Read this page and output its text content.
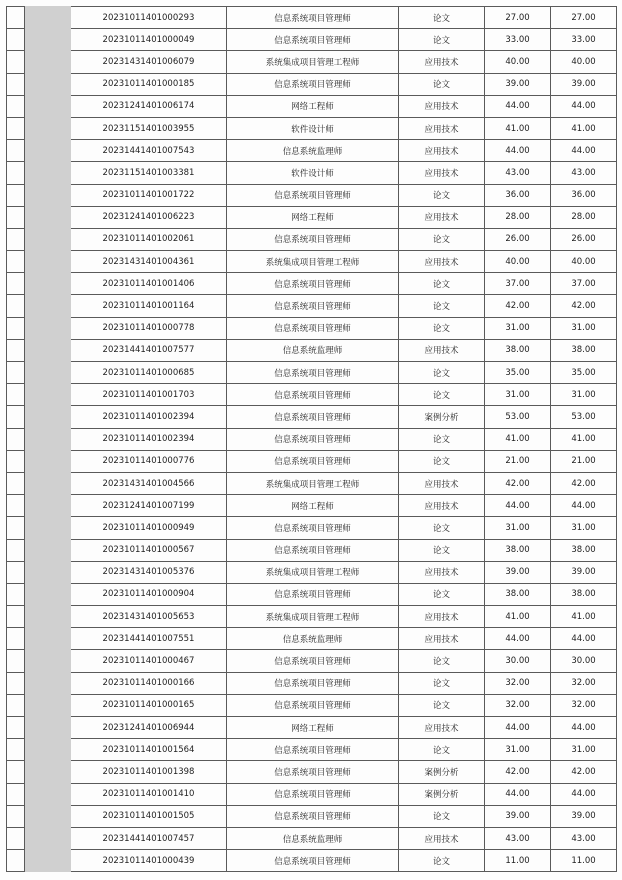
		20231011401000293	信息系统项目管理师	论文	27.00	27.00
		20231011401000049	信息系统项目管理师	论文	33.00	33.00
		20231431401006079	系统集成项目管理工程师	应用技术	40.00	40.00
		20231011401000185	信息系统项目管理师	论文	39.00	39.00
		20231241401006174	网络工程师	应用技术	44.00	44.00
		20231151401003955	软件设计师	应用技术	41.00	41.00
		20231441401007543	信息系统监理师	应用技术	44.00	44.00
		20231151401003381	软件设计师	应用技术	43.00	43.00
		20231011401001722	信息系统项目管理师	论文	36.00	36.00
		20231241401006223	网络工程师	应用技术	28.00	28.00
		20231011401002061	信息系统项目管理师	论文	26.00	26.00
		20231431401004361	系统集成项目管理工程师	应用技术	40.00	40.00
		20231011401001406	信息系统项目管理师	论文	37.00	37.00
		20231011401001164	信息系统项目管理师	论文	42.00	42.00
		20231011401000778	信息系统项目管理师	论文	31.00	31.00
		20231441401007577	信息系统监理师	应用技术	38.00	38.00
		20231011401000685	信息系统项目管理师	论文	35.00	35.00
		20231011401001703	信息系统项目管理师	论文	31.00	31.00
		20231011401002394	信息系统项目管理师	案例分析	53.00	53.00
		20231011401002394	信息系统项目管理师	论文	41.00	41.00
		20231011401000776	信息系统项目管理师	论文	21.00	21.00
		20231431401004566	系统集成项目管理工程师	应用技术	42.00	42.00
		20231241401007199	网络工程师	应用技术	44.00	44.00
		20231011401000949	信息系统项目管理师	论文	31.00	31.00
		20231011401000567	信息系统项目管理师	论文	38.00	38.00
		20231431401005376	系统集成项目管理工程师	应用技术	39.00	39.00
		20231011401000904	信息系统项目管理师	论文	38.00	38.00
		20231431401005653	系统集成项目管理工程师	应用技术	41.00	41.00
		20231441401007551	信息系统监理师	应用技术	44.00	44.00
		20231011401000467	信息系统项目管理师	论文	30.00	30.00
		20231011401000166	信息系统项目管理师	论文	32.00	32.00
		20231011401000165	信息系统项目管理师	论文	32.00	32.00
		20231241401006944	网络工程师	应用技术	44.00	44.00
		20231011401001564	信息系统项目管理师	论文	31.00	31.00
		20231011401001398	信息系统项目管理师	案例分析	42.00	42.00
		20231011401001410	信息系统项目管理师	案例分析	44.00	44.00
		20231011401001505	信息系统项目管理师	论文	39.00	39.00
		20231441401007457	信息系统监理师	应用技术	43.00	43.00
		20231011401000439	信息系统项目管理师	论文	11.00	11.00
